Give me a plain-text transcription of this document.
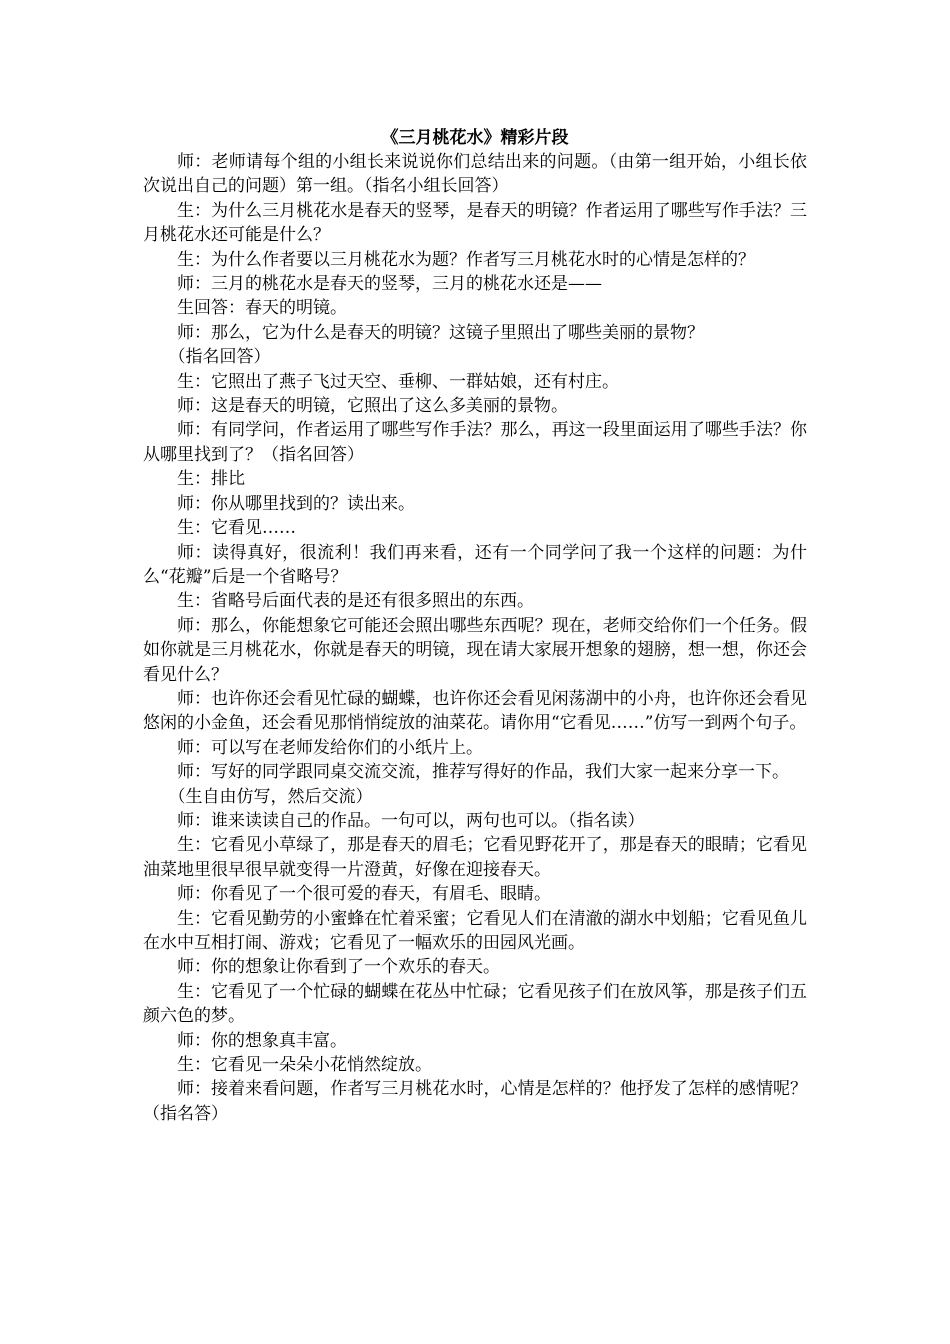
《三月桃花水》精彩片段

师：老师请每个组的小组长来说说你们总结出来的问题。（由第一组开始，小组长依次说出自己的问题）第一组。（指名小组长回答）

生：为什么三月桃花水是春天的竖琴，是春天的明镜？作者运用了哪些写作手法？三月桃花水还可能是什么？

生：为什么作者要以三月桃花水为题？作者写三月桃花水时的心情是怎样的？

师：三月的桃花水是春天的竖琴，三月的桃花水还是——

生回答：春天的明镜。

师：那么，它为什么是春天的明镜？这镜子里照出了哪些美丽的景物？

（指名回答）

生：它照出了燕子飞过天空、垂柳、一群姑娘，还有村庄。

师：这是春天的明镜，它照出了这么多美丽的景物。

师：有同学问，作者运用了哪些写作手法？那么，再这一段里面运用了哪些手法？你从哪里找到了？（指名回答）

生：排比

师：你从哪里找到的？读出来。

生：它看见……

师：读得真好，很流利！我们再来看，还有一个同学问了我一个这样的问题：为什么“花瓣”后是一个省略号？

生：省略号后面代表的是还有很多照出的东西。

师：那么，你能想象它可能还会照出哪些东西呢？现在，老师交给你们一个任务。假如你就是三月桃花水，你就是春天的明镜，现在请大家展开想象的翅膀，想一想，你还会看见什么？

师：也许你还会看见忙碌的蝴蝶，也许你还会看见闲荡湖中的小舟，也许你还会看见悠闲的小金鱼，还会看见那悄悄绽放的油菜花。请你用“它看见……”仿写一到两个句子。

师：可以写在老师发给你们的小纸片上。

师：写好的同学跟同桌交流交流，推荐写得好的作品，我们大家一起来分享一下。

（生自由仿写，然后交流）

师：谁来读读自己的作品。一句可以，两句也可以。（指名读）

生：它看见小草绿了，那是春天的眉毛；它看见野花开了，那是春天的眼睛；它看见油菜地里很早很早就变得一片澄黄，好像在迎接春天。

师：你看见了一个很可爱的春天，有眉毛、眼睛。

生：它看见勤劳的小蜜蜂在忙着采蜜；它看见人们在清澈的湖水中划船；它看见鱼儿在水中互相打闹、游戏；它看见了一幅欢乐的田园风光画。

师：你的想象让你看到了一个欢乐的春天。

生：它看见了一个忙碌的蝴蝶在花丛中忙碌；它看见孩子们在放风筝，那是孩子们五颜六色的梦。

师：你的想象真丰富。

生：它看见一朵朵小花悄然绽放。

师：接着来看问题，作者写三月桃花水时，心情是怎样的？他抒发了怎样的感情呢？（指名答）
